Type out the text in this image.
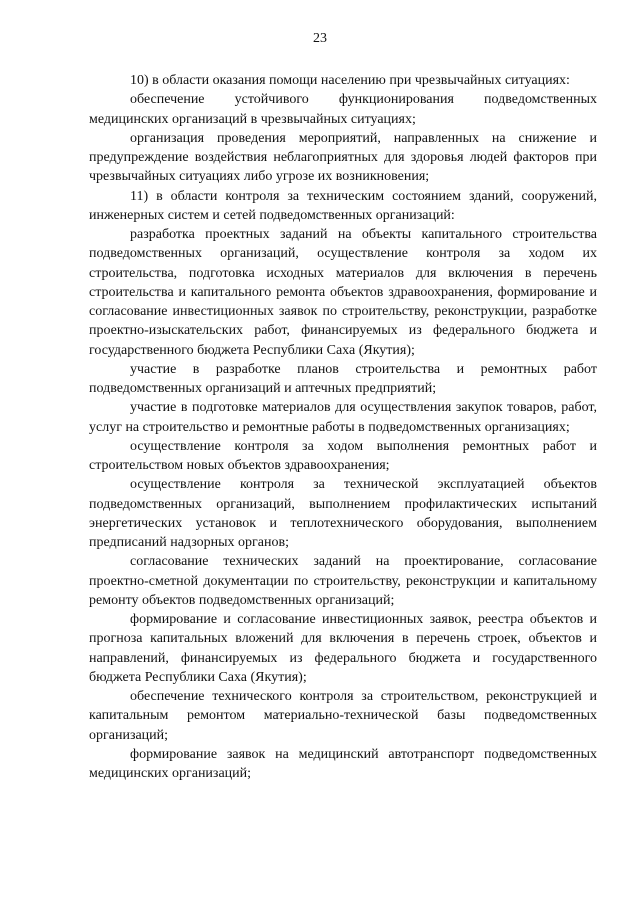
23

10) в области оказания помощи населению при чрезвычайных ситуациях:

обеспечение устойчивого функционирования подведомственных медицинских организаций в чрезвычайных ситуациях;

организация проведения мероприятий, направленных на снижение и предупреждение воздействия неблагоприятных для здоровья людей факторов при чрезвычайных ситуациях либо угрозе их возникновения;

11) в области контроля за техническим состоянием зданий, сооружений, инженерных систем и сетей подведомственных организаций:

разработка проектных заданий на объекты капитального строительства подведомственных организаций, осуществление контроля за ходом их строительства, подготовка исходных материалов для включения в перечень строительства и капитального ремонта объектов здравоохранения, формирование и согласование инвестиционных заявок по строительству, реконструкции, разработке проектно-изыскательских работ, финансируемых из федерального бюджета и государственного бюджета Республики Саха (Якутия);

участие в разработке планов строительства и ремонтных работ подведомственных организаций и аптечных предприятий;

участие в подготовке материалов для осуществления закупок товаров, работ, услуг на строительство и ремонтные работы в подведомственных организациях;

осуществление контроля за ходом выполнения ремонтных работ и строительством новых объектов здравоохранения;

осуществление контроля за технической эксплуатацией объектов подведомственных организаций, выполнением профилактических испытаний энергетических установок и теплотехнического оборудования, выполнением предписаний надзорных органов;

согласование технических заданий на проектирование, согласование проектно-сметной документации по строительству, реконструкции и капитальному ремонту объектов подведомственных организаций;

формирование и согласование инвестиционных заявок, реестра объектов и прогноза капитальных вложений для включения в перечень строек, объектов и направлений, финансируемых из федерального бюджета и государственного бюджета Республики Саха (Якутия);

обеспечение технического контроля за строительством, реконструкцией и капитальным ремонтом материально-технической базы подведомственных организаций;

формирование заявок на медицинский автотранспорт подведомственных медицинских организаций;
